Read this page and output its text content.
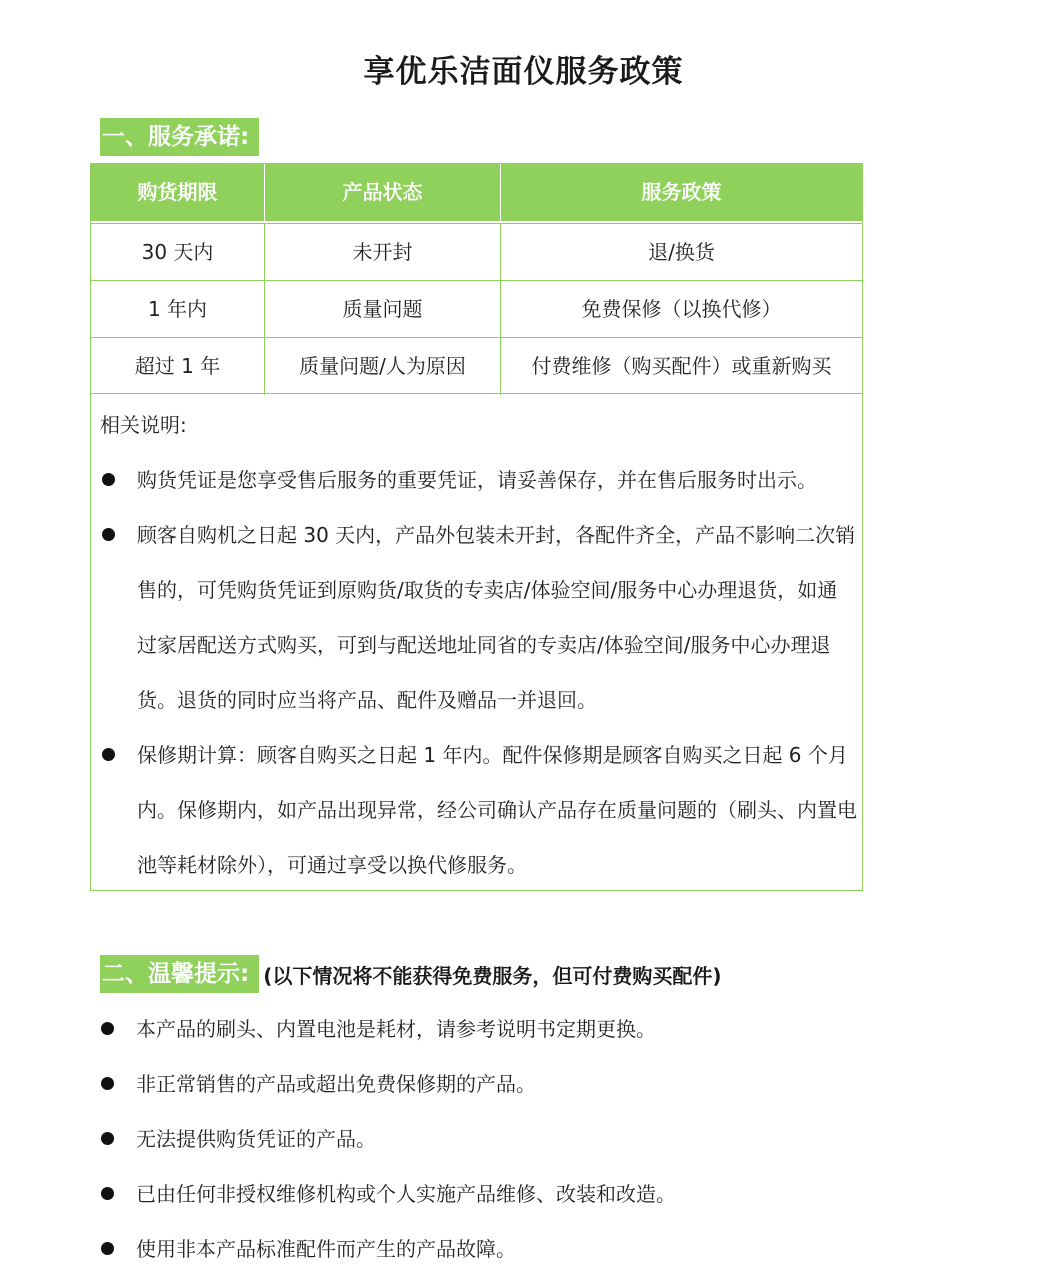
享优乐洁面仪服务政策
一、服务承诺:
购货期限	产品状态	服务政策
30 天内	未开封	退/换货
1 年内	质量问题	免费保修（以换代修）
超过 1 年	质量问题/人为原因	付费维修（购买配件）或重新购买
相关说明:
购货凭证是您享受售后服务的重要凭证，请妥善保存，并在售后服务时出示。
顾客自购机之日起 30 天内，产品外包装未开封，各配件齐全，产品不影响二次销售的，可凭购货凭证到原购货/取货的专卖店/体验空间/服务中心办理退货，如通过家居配送方式购买，可到与配送地址同省的专卖店/体验空间/服务中心办理退货。退货的同时应当将产品、配件及赠品一并退回。
保修期计算：顾客自购买之日起 1 年内。配件保修期是顾客自购买之日起 6 个月内。保修期内，如产品出现异常，经公司确认产品存在质量问题的（刷头、内置电池等耗材除外），可通过享受以换代修服务。
二、温馨提示: (以下情况将不能获得免费服务，但可付费购买配件)
本产品的刷头、内置电池是耗材，请参考说明书定期更换。
非正常销售的产品或超出免费保修期的产品。
无法提供购货凭证的产品。
已由任何非授权维修机构或个人实施产品维修、改装和改造。
使用非本产品标准配件而产生的产品故障。
